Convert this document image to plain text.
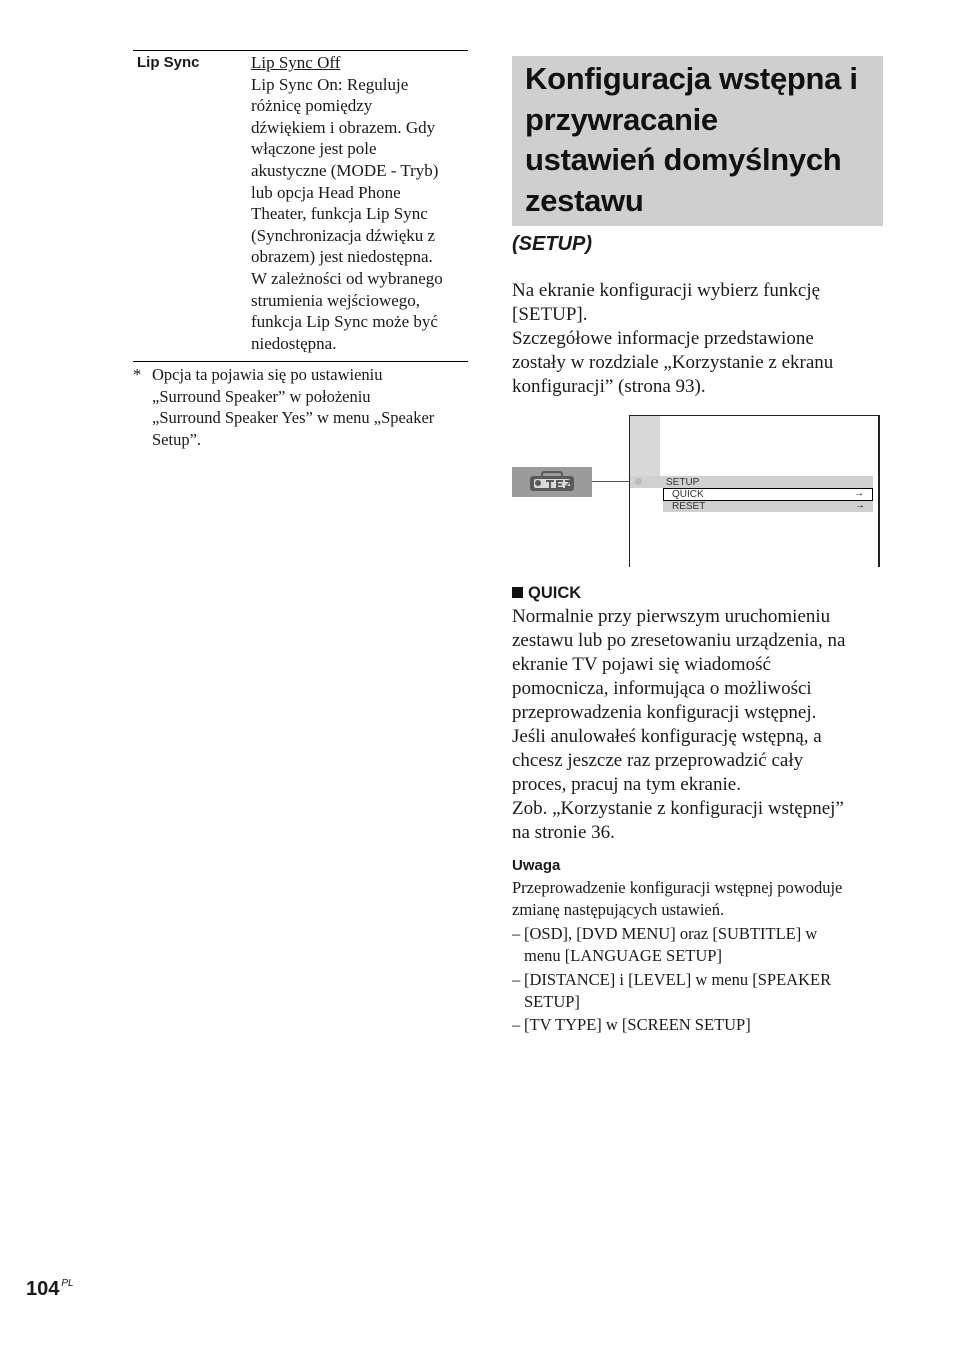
Lip Sync	Lip Sync Off
Lip Sync On: Reguluje
różnicę pomiędzy
dźwiękiem i obrazem. Gdy
włączone jest pole
akustyczne (MODE - Tryb)
lub opcja Head Phone
Theater, funkcja Lip Sync
(Synchronizacja dźwięku z
obrazem) jest niedostępna.
W zależności od wybranego
strumienia wejściowego,
funkcja Lip Sync może być
niedostępna.
* Opcja ta pojawia się po ustawieniu
„Surround Speaker” w położeniu
„Surround Speaker Yes” w menu „Speaker
Setup”.
Konfiguracja wstępna i
przywracanie
ustawień domyślnych
zestawu
(SETUP)
Na ekranie konfiguracji wybierz funkcję
[SETUP].
Szczegółowe informacje przedstawione
zostały w rozdziale „Korzystanie z ekranu
konfiguracji” (strona 93).
SETUP
QUICK	→
RESET	→
QUICK
Normalnie przy pierwszym uruchomieniu
zestawu lub po zresetowaniu urządzenia, na
ekranie TV pojawi się wiadomość
pomocnicza, informująca o możliwości
przeprowadzenia konfiguracji wstępnej.
Jeśli anulowałeś konfigurację wstępną, a
chcesz jeszcze raz przeprowadzić cały
proces, pracuj na tym ekranie.
Zob. „Korzystanie z konfiguracji wstępnej”
na stronie 36.
Uwaga
Przeprowadzenie konfiguracji wstępnej powoduje
zmianę następujących ustawień.
– [OSD], [DVD MENU] oraz [SUBTITLE] w
menu [LANGUAGE SETUP]
– [DISTANCE] i [LEVEL] w menu [SPEAKER
SETUP]
– [TV TYPE] w [SCREEN SETUP]
104 $^{PL}$
